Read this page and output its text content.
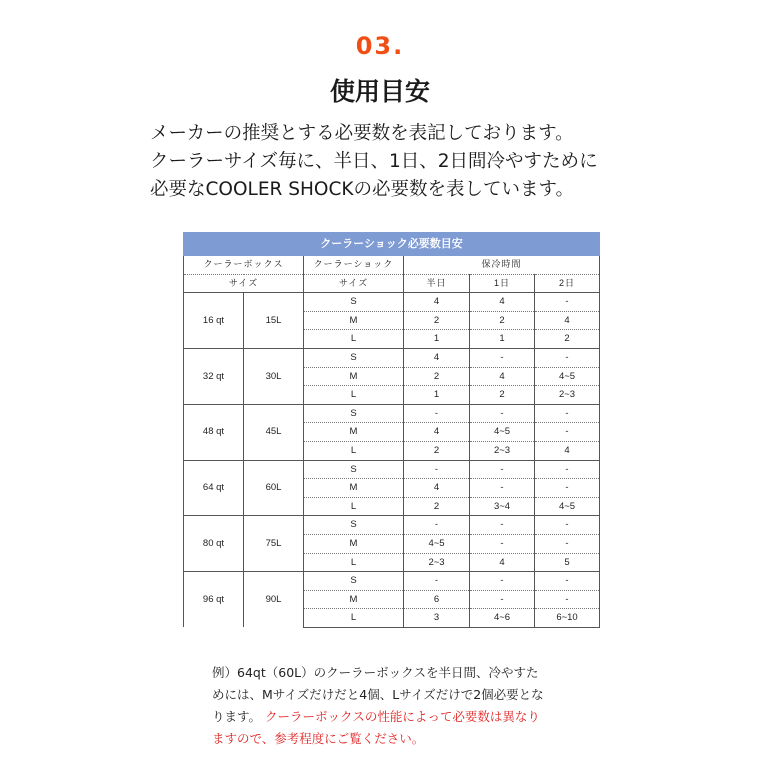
03.
使用目安
メーカーの推奨とする必要数を表記しております。
クーラーサイズ毎に、半日、1日、2日間冷やすために
必要なCOOLER SHOCKの必要数を表しています。
クーラーショック必要数目安					
クーラーボックス		クーラーショック	保冷時間		
サイズ		サイズ	半日	1日	2日
16 qt	15L	S	4	4	-
		M	2	2	4
		L	1	1	2
32 qt	30L	S	4	-	-
		M	2	4	4~5
		L	1	2	2~3
48 qt	45L	S	-	-	-
		M	4	4~5	-
		L	2	2~3	4
64 qt	60L	S	-	-	-
		M	4	-	-
		L	2	3~4	4~5
80 qt	75L	S	-	-	-
		M	4~5	-	-
		L	2~3	4	5
96 qt	90L	S	-	-	-
		M	6	-	-
		L	3	4~6	6~10
例）64qt（60L）のクーラーボックスを半日間、冷やすた
めには、Mサイズだけだと4個、Lサイズだけで2個必要とな
ります。 クーラーボックスの性能によって必要数は異なり
ますので、参考程度にご覧ください。
